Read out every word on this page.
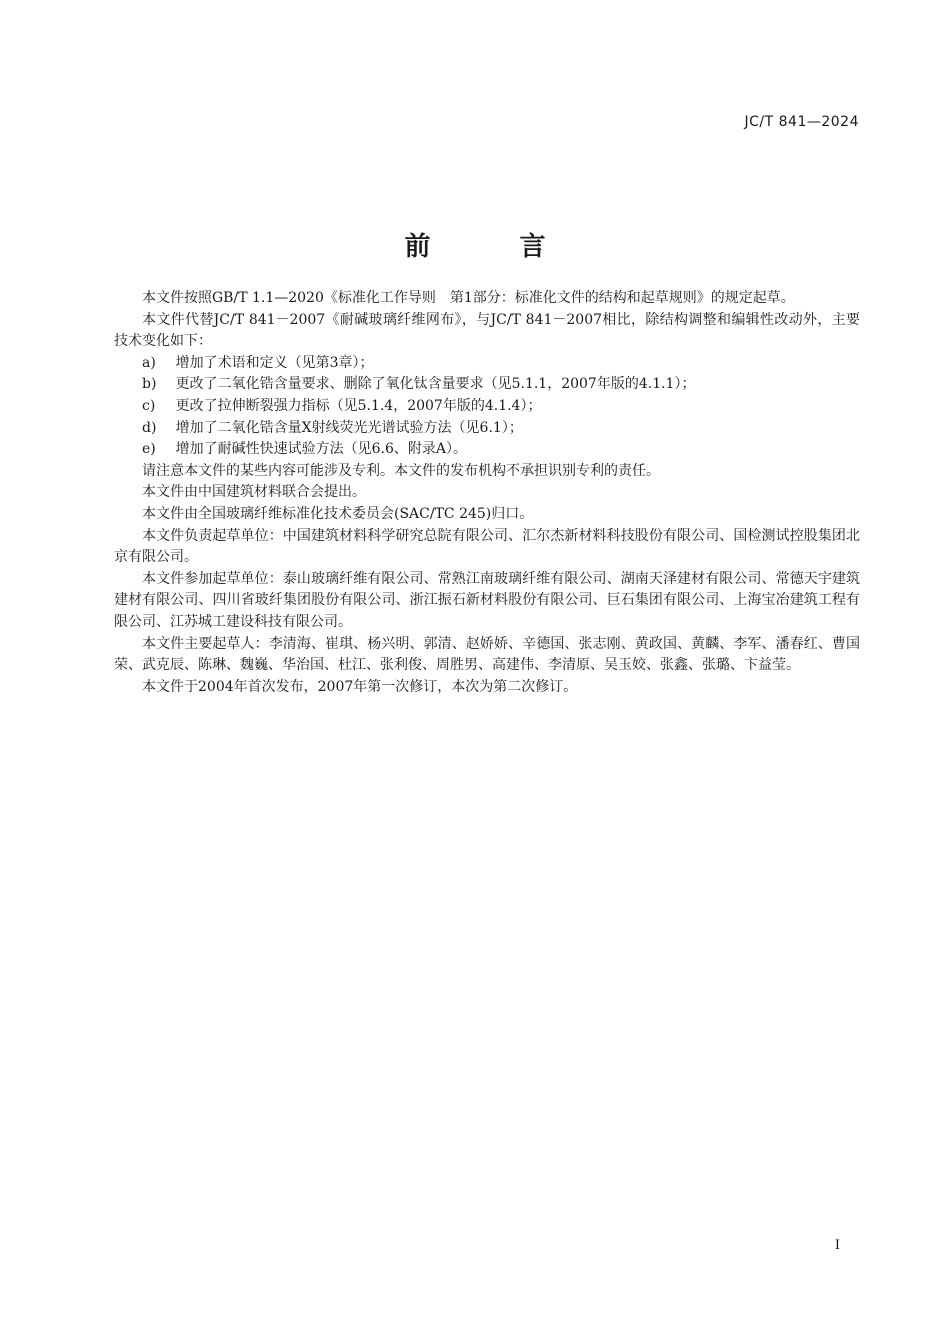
JC/T 841—2024
前 言

本文件按照GB/T 1.1—2020《标准化工作导则　第1部分：标准化文件的结构和起草规则》的规定起草。

本文件代替JC/T 841－2007《耐碱玻璃纤维网布》，与JC/T 841－2007相比，除结构调整和编辑性改动外，主要技术变化如下：

a) 增加了术语和定义（见第3章）；

b) 更改了二氧化锆含量要求、删除了氧化钛含量要求（见5.1.1，2007年版的4.1.1）；

c) 更改了拉伸断裂强力指标（见5.1.4，2007年版的4.1.4）；

d) 增加了二氧化锆含量X射线荧光光谱试验方法（见6.1）；

e) 增加了耐碱性快速试验方法（见6.6、附录A）。

请注意本文件的某些内容可能涉及专利。本文件的发布机构不承担识别专利的责任。

本文件由中国建筑材料联合会提出。

本文件由全国玻璃纤维标准化技术委员会(SAC/TC 245)归口。

本文件负责起草单位：中国建筑材料科学研究总院有限公司、汇尔杰新材料科技股份有限公司、国检测试控股集团北京有限公司。

本文件参加起草单位：泰山玻璃纤维有限公司、常熟江南玻璃纤维有限公司、湖南天泽建材有限公司、常德天宇建筑建材有限公司、四川省玻纤集团股份有限公司、浙江振石新材料股份有限公司、巨石集团有限公司、上海宝冶建筑工程有限公司、江苏城工建设科技有限公司。

本文件主要起草人：李清海、崔琪、杨兴明、郭清、赵娇娇、辛德国、张志刚、黄政国、黄麟、李军、潘春红、曹国荣、武克辰、陈琳、魏巍、华治国、杜江、张利俊、周胜男、高建伟、李清原、吴玉姣、张鑫、张璐、卞益莹。

本文件于2004年首次发布，2007年第一次修订，本次为第二次修订。

I
